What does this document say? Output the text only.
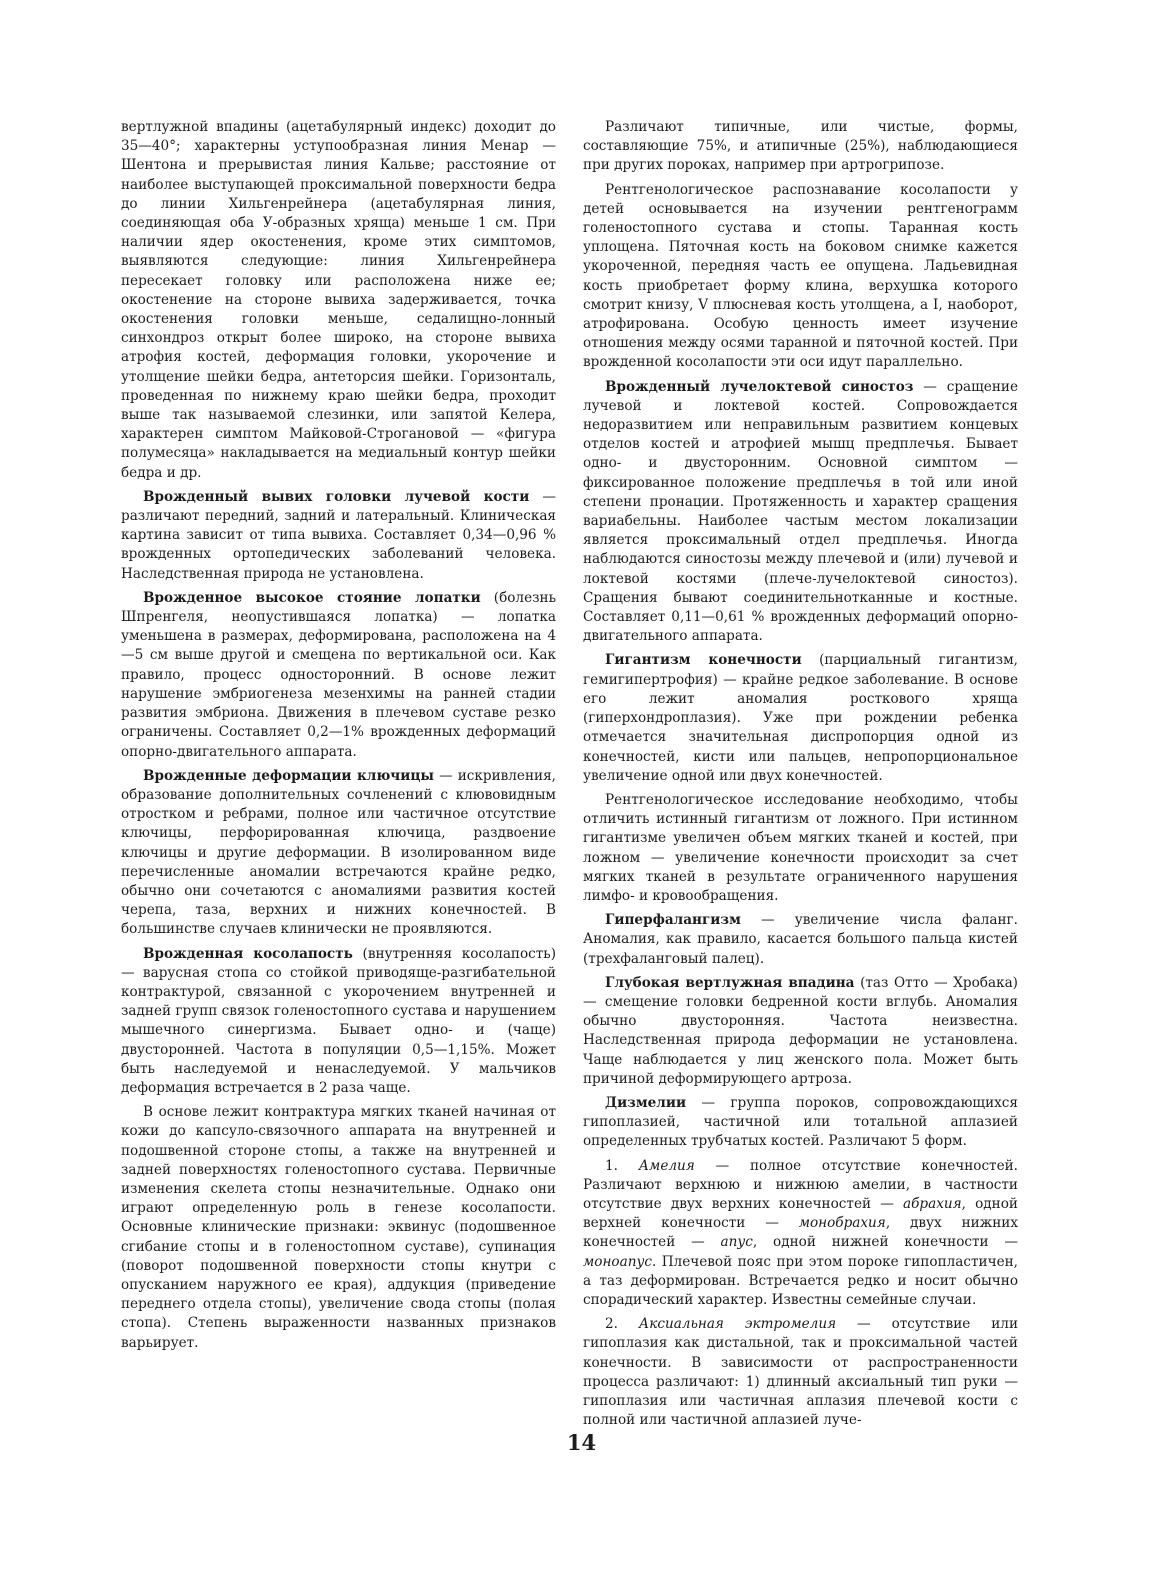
вертлужной впадины (ацетабулярный индекс) доходит до 35—40°; характерны уступообразная линия Менар — Шентона и прерывистая линия Кальве; расстояние от наиболее выступающей проксимальной поверхности бедра до линии Хильгенрейнера (ацетабулярная линия, соединяющая оба У-образных хряща) меньше 1 см. При наличии ядер окостенения, кроме этих симптомов, выявляются следующие: линия Хильгенрейнера пересекает головку или расположена ниже ее; окостенение на стороне вывиха задерживается, точка окостенения головки меньше, седалищно-лонный синхондроз открыт более широко, на стороне вывиха атрофия костей, деформация головки, укорочение и утолщение шейки бедра, антеторсия шейки. Горизонталь, проведенная по нижнему краю шейки бедра, проходит выше так называемой слезинки, или запятой Келера, характерен симптом Майковой-Строгановой — «фигура полумесяца» накладывается на медиальный контур шейки бедра и др.

Врожденный вывих головки лучевой кости — различают передний, задний и латеральный. Клиническая картина зависит от типа вывиха. Составляет 0,34—0,96 % врожденных ортопедических заболеваний человека. Наследственная природа не установлена.

Врожденное высокое стояние лопатки (болезнь Шпренгеля, неопустившаяся лопатка) — лопатка уменьшена в размерах, деформирована, расположена на 4—5 см выше другой и смещена по вертикальной оси. Как правило, процесс односторонний. В основе лежит нарушение эмбриогенеза мезенхимы на ранней стадии развития эмбриона. Движения в плечевом суставе резко ограничены. Составляет 0,2—1% врожденных деформаций опорно-двигательного аппарата.

Врожденные деформации ключицы — искривления, образование дополнительных сочленений с клювовидным отростком и ребрами, полное или частичное отсутствие ключицы, перфорированная ключица, раздвоение ключицы и другие деформации. В изолированном виде перечисленные аномалии встречаются крайне редко, обычно они сочетаются с аномалиями развития костей черепа, таза, верхних и нижних конечностей. В большинстве случаев клинически не проявляются.

Врожденная косолапость (внутренняя косолапость) — варусная стопа со стойкой приводяще-разгибательной контрактурой, связанной с укорочением внутренней и задней групп связок голеностопного сустава и нарушением мышечного синергизма. Бывает одно- и (чаще) двусторонней. Частота в популяции 0,5—1,15%. Может быть наследуемой и ненаследуемой. У мальчиков деформация встречается в 2 раза чаще.

В основе лежит контрактура мягких тканей начиная от кожи до капсуло-связочного аппарата на внутренней и подошвенной стороне стопы, а также на внутренней и задней поверхностях голеностопного сустава. Первичные изменения скелета стопы незначительные. Однако они играют определенную роль в генезе косолапости. Основные клинические признаки: эквинус (подошвенное сгибание стопы и в голеностопном суставе), супинация (поворот подошвенной поверхности стопы кнутри с опусканием наружного ее края), аддукция (приведение переднего отдела стопы), увеличение свода стопы (полая стопа). Степень выраженности названных признаков варьирует.

Различают типичные, или чистые, формы, составляющие 75%, и атипичные (25%), наблюдающиеся при других пороках, например при артрогрипозе.

Рентгенологическое распознавание косолапости у детей основывается на изучении рентгенограмм голеностопного сустава и стопы. Таранная кость уплощена. Пяточная кость на боковом снимке кажется укороченной, передняя часть ее опущена. Ладьевидная кость приобретает форму клина, верхушка которого смотрит книзу, V плюсневая кость утолщена, а I, наоборот, атрофирована. Особую ценность имеет изучение отношения между осями таранной и пяточной костей. При врожденной косолапости эти оси идут параллельно.

Врожденный лучелоктевой синостоз — сращение лучевой и локтевой костей. Сопровождается недоразвитием или неправильным развитием концевых отделов костей и атрофией мышц предплечья. Бывает одно- и двусторонним. Основной симптом — фиксированное положение предплечья в той или иной степени пронации. Протяженность и характер сращения вариабельны. Наиболее частым местом локализации является проксимальный отдел предплечья. Иногда наблюдаются синостозы между плечевой и (или) лучевой и локтевой костями (плече-лучелоктевой синостоз). Сращения бывают соединительнотканные и костные. Составляет 0,11—0,61 % врожденных деформаций опорно-двигательного аппарата.

Гигантизм конечности (парциальный гигантизм, гемигипертрофия) — крайне редкое заболевание. В основе его лежит аномалия росткового хряща (гиперхондроплазия). Уже при рождении ребенка отмечается значительная диспропорция одной из конечностей, кисти или пальцев, непропорциональное увеличение одной или двух конечностей.

Рентгенологическое исследование необходимо, чтобы отличить истинный гигантизм от ложного. При истинном гигантизме увеличен объем мягких тканей и костей, при ложном — увеличение конечности происходит за счет мягких тканей в результате ограниченного нарушения лимфо- и кровообращения.

Гиперфалангизм — увеличение числа фаланг. Аномалия, как правило, касается большого пальца кистей (трехфаланговый палец).

Глубокая вертлужная впадина (таз Отто — Хробака) — смещение головки бедренной кости вглубь. Аномалия обычно двусторонняя. Частота неизвестна. Наследственная природа деформации не установлена. Чаще наблюдается у лиц женского пола. Может быть причиной деформирующего артроза.

Дизмелии — группа пороков, сопровождающихся гипоплазией, частичной или тотальной аплазией определенных трубчатых костей. Различают 5 форм.

1. Амелия — полное отсутствие конечностей. Различают верхнюю и нижнюю амелии, в частности отсутствие двух верхних конечностей — абрахия, одной верхней конечности — монобрахия, двух нижних конечностей — апус, одной нижней конечности — моноапус. Плечевой пояс при этом пороке гипопластичен, а таз деформирован. Встречается редко и носит обычно спорадический характер. Известны семейные случаи.

2. Аксиальная эктромелия — отсутствие или гипоплазия как дистальной, так и проксимальной частей конечности. В зависимости от распространенности процесса различают: 1) длинный аксиальный тип руки — гипоплазия или частичная аплазия плечевой кости с полной или частичной аплазией луче-

14
